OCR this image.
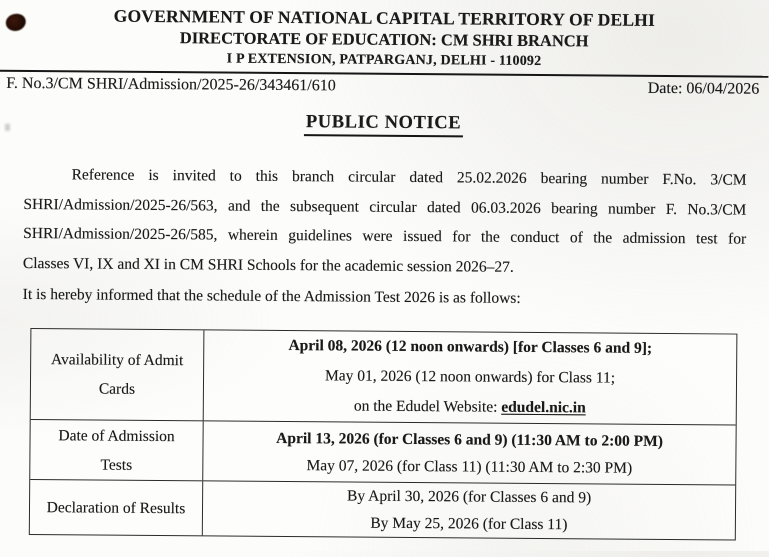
GOVERNMENT OF NATIONAL CAPITAL TERRITORY OF DELHI
DIRECTORATE OF EDUCATION: CM SHRI BRANCH
I P EXTENSION, PATPARGANJ, DELHI - 110092
F. No.3/CM SHRI/Admission/2025-26/343461/610	Date: 06/04/2026
PUBLIC NOTICE
Reference is invited to this branch circular dated 25.02.2026 bearing number F.No. 3/CM
SHRI/Admission/2025-26/563, and the subsequent circular dated 06.03.2026 bearing number F. No.3/CM
SHRI/Admission/2025-26/585, wherein guidelines were issued for the conduct of the admission test for
Classes VI, IX and XI in CM SHRI Schools for the academic session 2026–27.
It is hereby informed that the schedule of the Admission Test 2026 is as follows:
Availability of Admit
Cards
April 08, 2026 (12 noon onwards) [for Classes 6 and 9];
May 01, 2026 (12 noon onwards) for Class 11;
on the Edudel Website: edudel.nic.in
Date of Admission
Tests
April 13, 2026 (for Classes 6 and 9) (11:30 AM to 2:00 PM)
May 07, 2026 (for Class 11) (11:30 AM to 2:30 PM)
Declaration of Results
By April 30, 2026 (for Classes 6 and 9)
By May 25, 2026 (for Class 11)
